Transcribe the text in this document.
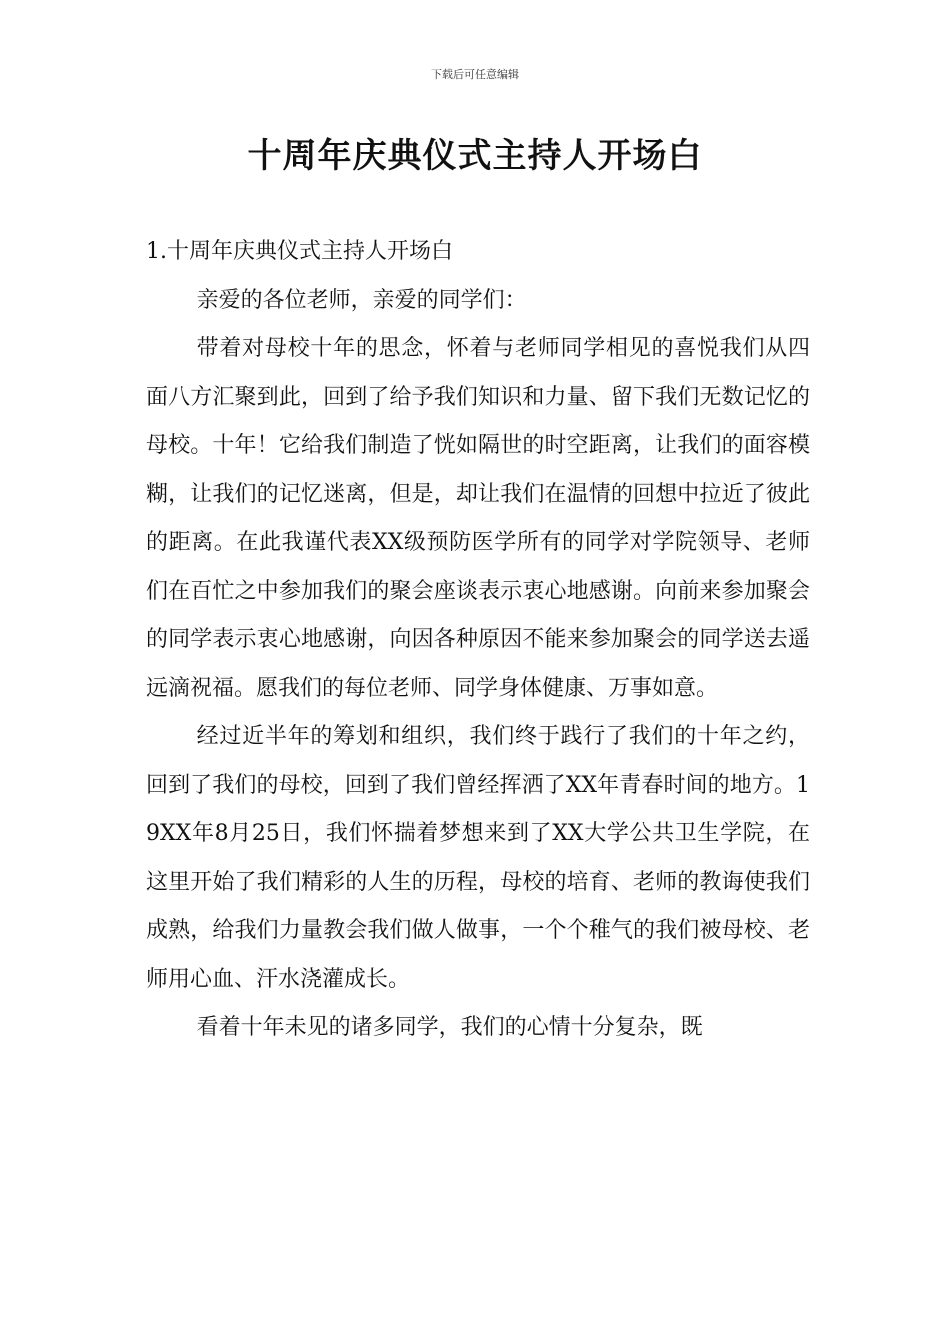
下载后可任意编辑
十周年庆典仪式主持人开场白

1.十周年庆典仪式主持人开场白

亲爱的各位老师，亲爱的同学们：

带着对母校十年的思念，怀着与老师同学相见的喜悦我们从四面八方汇聚到此，回到了给予我们知识和力量、留下我们无数记忆的母校。十年！它给我们制造了恍如隔世的时空距离，让我们的面容模糊，让我们的记忆迷离，但是，却让我们在温情的回想中拉近了彼此的距离。在此我谨代表XX级预防医学所有的同学对学院领导、老师们在百忙之中参加我们的聚会座谈表示衷心地感谢。向前来参加聚会的同学表示衷心地感谢，向因各种原因不能来参加聚会的同学送去遥远滴祝福。愿我们的每位老师、同学身体健康、万事如意。

经过近半年的筹划和组织，我们终于践行了我们的十年之约，回到了我们的母校，回到了我们曾经挥洒了XX年青春时间的地方。19XX年8月25日，我们怀揣着梦想来到了XX大学公共卫生学院，在这里开始了我们精彩的人生的历程，母校的培育、老师的教诲使我们成熟，给我们力量教会我们做人做事，一个个稚气的我们被母校、老师用心血、汗水浇灌成长。

看着十年未见的诸多同学，我们的心情十分复杂，既
